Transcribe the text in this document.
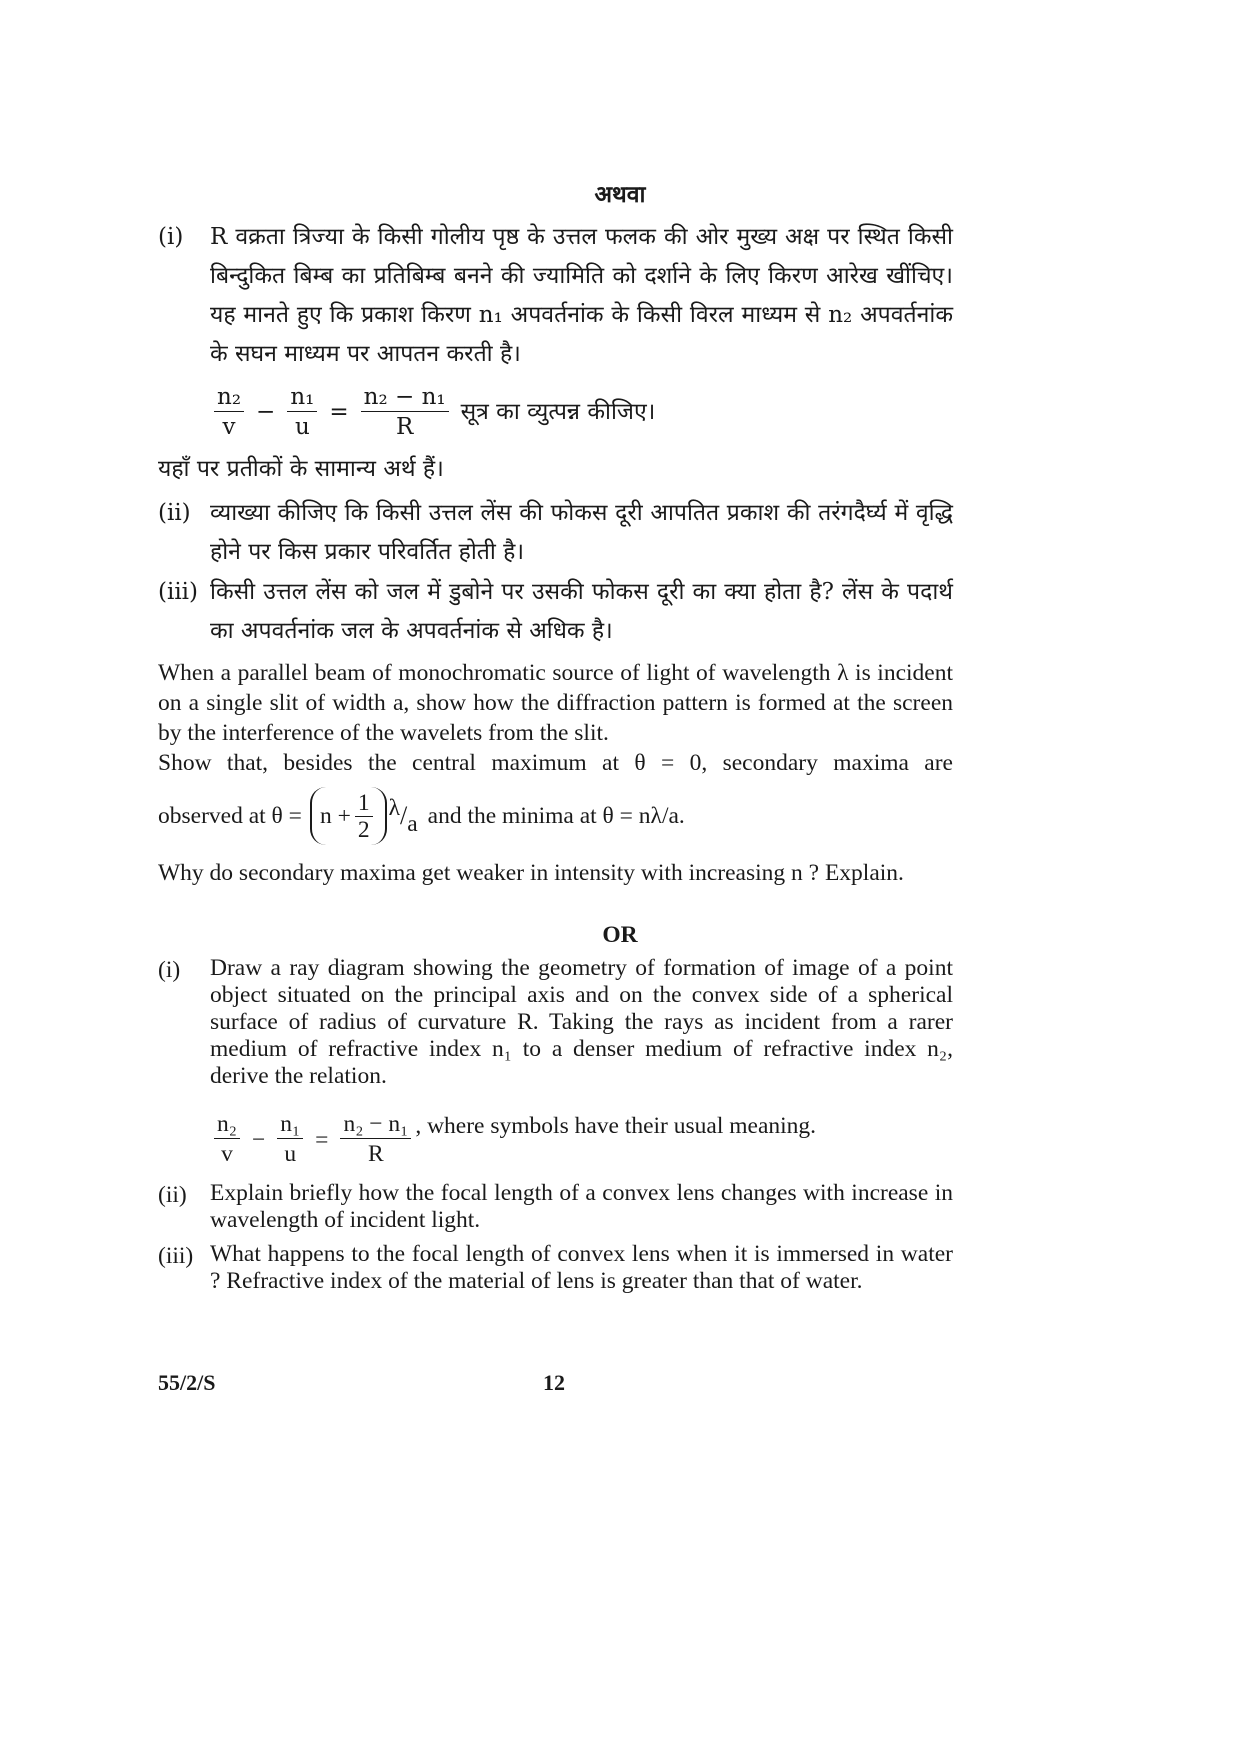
अथवा
(i) R वक्रता त्रिज्या के किसी गोलीय पृष्ठ के उत्तल फलक की ओर मुख्य अक्ष पर स्थित किसी बिन्दुकित बिम्ब का प्रतिबिम्ब बनने की ज्यामिति को दर्शाने के लिए किरण आरेख खींचिए। यह मानते हुए कि प्रकाश किरण n₁ अपवर्तनांक के किसी विरल माध्यम से n₂ अपवर्तनांक के सघन माध्यम पर आपतन करती है।
$\frac{\text{n₂}}{v} - \frac{\text{n₁}}{u} = \frac{\text{n₂ − n₁}}{R}$ सूत्र का व्युत्पन्न कीजिए।
यहाँ पर प्रतीकों के सामान्य अर्थ हैं।
(ii) व्याख्या कीजिए कि किसी उत्तल लेंस की फोकस दूरी आपतित प्रकाश की तरंगदैर्घ्य में वृद्धि होने पर किस प्रकार परिवर्तित होती है।
(iii) किसी उत्तल लेंस को जल में डुबोने पर उसकी फोकस दूरी का क्या होता है? लेंस के पदार्थ का अपवर्तनांक जल के अपवर्तनांक से अधिक है।
When a parallel beam of monochromatic source of light of wavelength λ is incident on a single slit of width a, show how the diffraction pattern is formed at the screen by the interference of the wavelets from the slit.
Show that, besides the central maximum at θ = 0, secondary maxima are
observed at $\theta = n + \frac{1}{2}$ λ / a and the minima at θ = nλ/a.
Why do secondary maxima get weaker in intensity with increasing n ? Explain.
OR
(i) Draw a ray diagram showing the geometry of formation of image of a point object situated on the principal axis and on the convex side of a spherical surface of radius of curvature R. Taking the rays as incident from a rarer medium of refractive index n₁ to a denser medium of refractive index n₂, derive the relation.
$\frac{\text{n₂}}{v} - \frac{\text{n₁}}{u} = \frac{\text{n₂ − n₁}}{R}$ , where symbols have their usual meaning.
(ii) Explain briefly how the focal length of a convex lens changes with increase in wavelength of incident light.
(iii) What happens to the focal length of convex lens when it is immersed in water ? Refractive index of the material of lens is greater than that of water.
55/2/S	12
